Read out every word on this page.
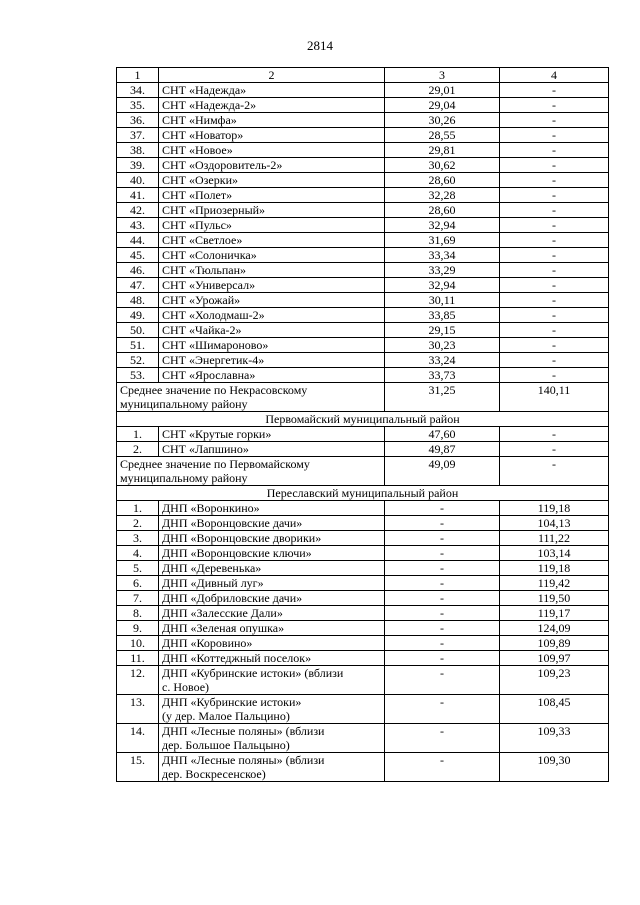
2814
1	2	3	4
34.	СНТ «Надежда»	29,01	-
35.	СНТ «Надежда-2»	29,04	-
36.	СНТ «Нимфа»	30,26	-
37.	СНТ «Новатор»	28,55	-
38.	СНТ «Новое»	29,81	-
39.	СНТ «Оздоровитель-2»	30,62	-
40.	СНТ «Озерки»	28,60	-
41.	СНТ «Полет»	32,28	-
42.	СНТ «Приозерный»	28,60	-
43.	СНТ «Пульс»	32,94	-
44.	СНТ «Светлое»	31,69	-
45.	СНТ «Солоничка»	33,34	-
46.	СНТ «Тюльпан»	33,29	-
47.	СНТ «Универсал»	32,94	-
48.	СНТ «Урожай»	30,11	-
49.	СНТ «Холодмаш-2»	33,85	-
50.	СНТ «Чайка-2»	29,15	-
51.	СНТ «Шимароново»	30,23	-
52.	СНТ «Энергетик-4»	33,24	-
53.	СНТ «Ярославна»	33,73	-
Среднее значение по Некрасовскому муниципальному району		31,25	140,11
Первомайский муниципальный район			
1.	СНТ «Крутые горки»	47,60	-
2.	СНТ «Лапшино»	49,87	-
Среднее значение по Первомайскому муниципальному району		49,09	-
Переславский муниципальный район			
1.	ДНП «Воронкино»	-	119,18
2.	ДНП «Воронцовские дачи»	-	104,13
3.	ДНП «Воронцовские дворики»	-	111,22
4.	ДНП «Воронцовские ключи»	-	103,14
5.	ДНП «Деревенька»	-	119,18
6.	ДНП «Дивный луг»	-	119,42
7.	ДНП «Добриловские дачи»	-	119,50
8.	ДНП «Залесские Дали»	-	119,17
9.	ДНП «Зеленая опушка»	-	124,09
10.	ДНП «Коровино»	-	109,89
11.	ДНП «Коттеджный поселок»	-	109,97
12.	ДНП «Кубринские истоки» (вблизи
с. Новое)	-	109,23
13.	ДНП «Кубринские истоки»
(у дер. Малое Пальцино)	-	108,45
14.	ДНП «Лесные поляны» (вблизи
дер. Большое Пальцыно)	-	109,33
15.	ДНП «Лесные поляны» (вблизи
дер. Воскресенское)	-	109,30
